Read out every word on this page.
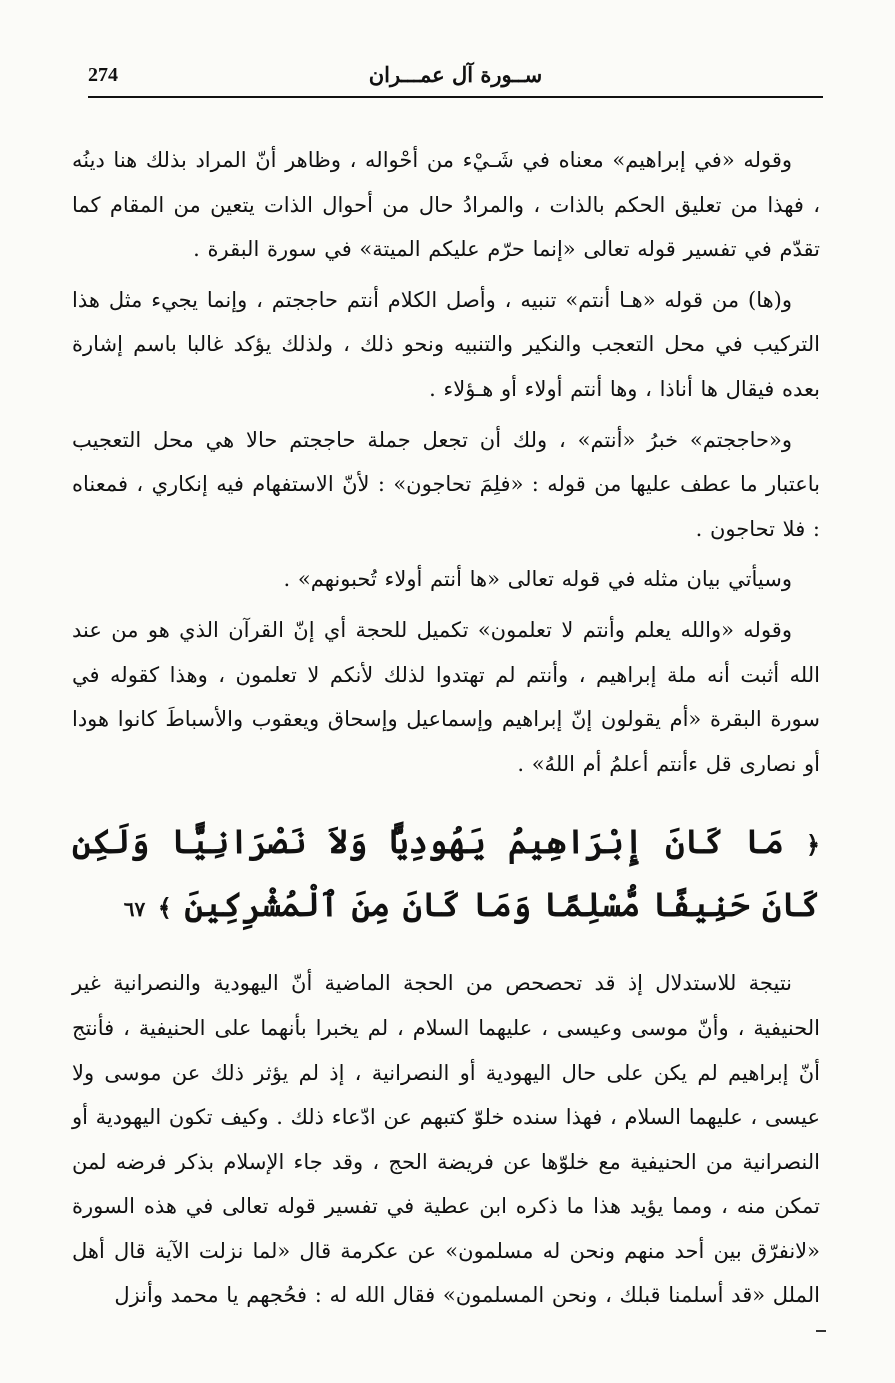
274	ســورة آل عمـــران

وقوله «في إبراهيم» معناه في شَـيْء من أحْواله ، وظاهر أنّ المراد بذلك هنا دينُه ، فهذا من تعليق الحكم بالذات ، والمرادُ حال من أحوال الذات يتعين من المقام كما تقدّم في تفسير قوله تعالى «إنما حرّم عليكم الميتة» في سورة البقرة .

و(ها) من قوله «هـا أنتم» تنبيه ، وأصل الكلام أنتم حاججتم ، وإنما يجيء مثل هذا التركيب في محل التعجب والنكير والتنبيه ونحو ذلك ، ولذلك يؤكد غالبا باسم إشارة بعده فيقال ها أناذا ، وها أنتم أولاء أو هـؤلاء .

و«حاججتم» خبرُ «أنتم» ، ولك أن تجعل جملة حاججتم حالا هي محل التعجيب باعتبار ما عطف عليها من قوله : «فلِمَ تحاجون» : لأنّ الاستفهام فيه إنكاري ، فمعناه : فلا تحاجون .

وسيأتي بيان مثله في قوله تعالى «ها أنتم أولاء تُحبونهم» .

وقوله «والله يعلم وأنتم لا تعلمون» تكميل للحجة أي إنّ القرآن الذي هو من عند الله أثبت أنه ملة إبراهيم ، وأنتم لم تهتدوا لذلك لأنكم لا تعلمون ، وهذا كقوله في سورة البقرة «أم يقولون إنّ إبراهيم وإسماعيل وإسحاق ويعقوب والأسباطَ كانوا هودا أو نصارى قل ءأنتم أعلمُ أم اللهُ» .

﴿ مَا كَانَ إِبْرَاهِيمُ يَهُودِيًّا وَلاَ نَصْرَانِيًّا وَلَكِن كَانَ حَنِيفًا مُّسْلِمًا وَمَا كَانَ مِنَ ٱلْمُشْرِكِينَ ﴾ ٦٧

نتيجة للاستدلال إذ قد تحصحص من الحجة الماضية أنّ اليهودية والنصرانية غير الحنيفية ، وأنّ موسى وعيسى ، عليهما السلام ، لم يخبرا بأنهما على الحنيفية ، فأنتج أنّ إبراهيم لم يكن على حال اليهودية أو النصرانية ، إذ لم يؤثر ذلك عن موسى ولا عيسى ، عليهما السلام ، فهذا سنده خلوّ كتبهم عن ادّعاء ذلك . وكيف تكون اليهودية أو النصرانية من الحنيفية مع خلوّها عن فريضة الحج ، وقد جاء الإسلام بذكر فرضه لمن تمكن منه ، ومما يؤيد هذا ما ذكره ابن عطية في تفسير قوله تعالى في هذه السورة «لانفرّق بين أحد منهم ونحن له مسلمون» عن عكرمة قال «لما نزلت الآية قال أهل الملل «قد أسلمنا قبلك ، ونحن المسلمون» فقال الله له : فحُجهم يا محمد وأنزل
